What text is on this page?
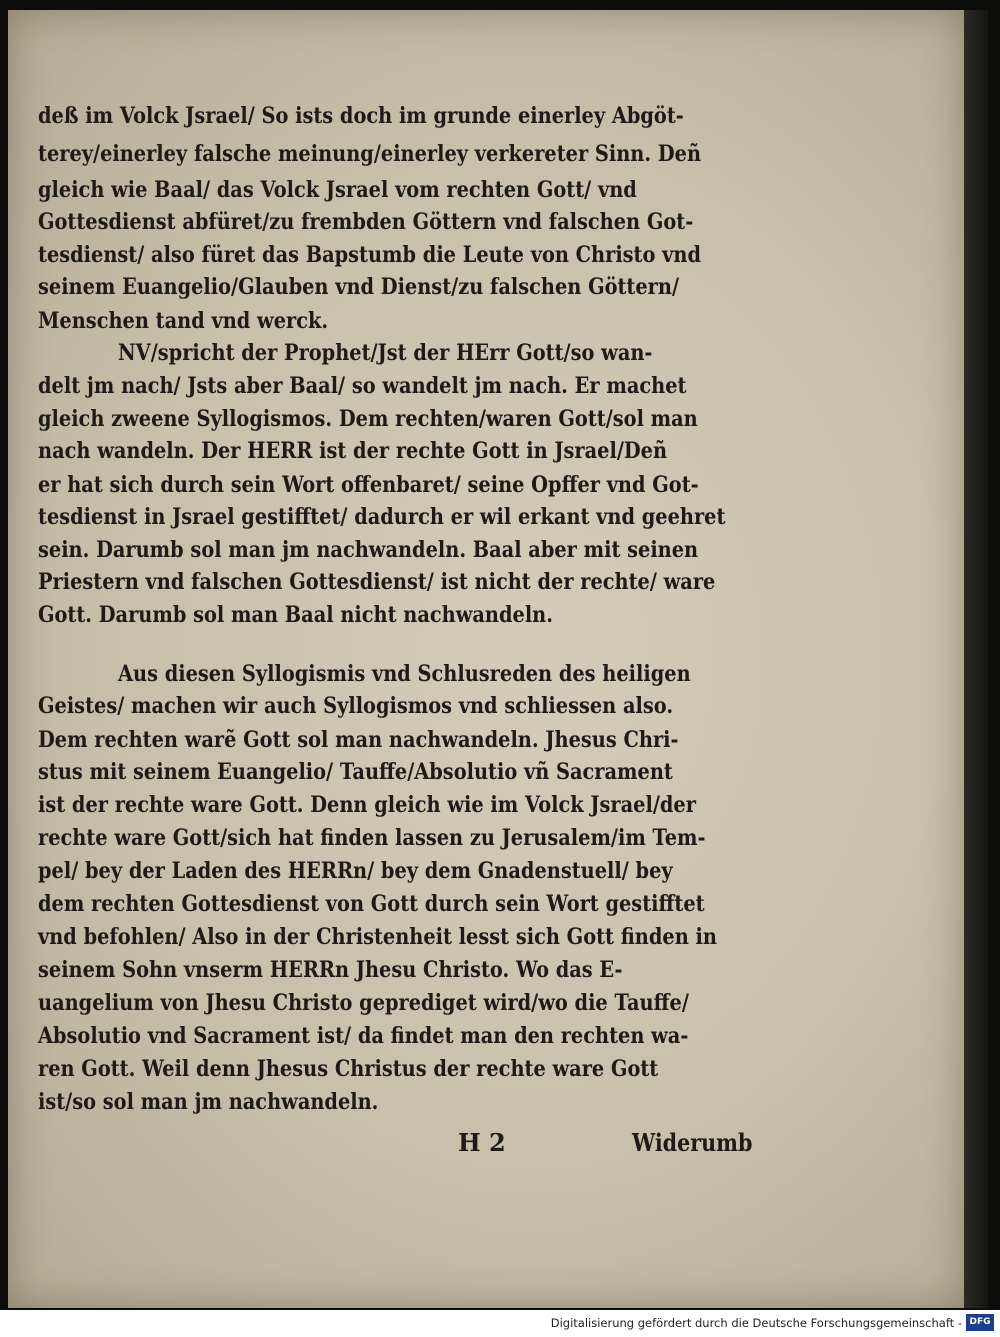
deß im Volck Jsrael/ So ists doch im grunde einerley Abgöt-
terey/einerley falsche meinung/einerley verkereter Sinn. Deñ
gleich wie Baal/ das Volck Jsrael vom rechten Gott/ vnd
Gottesdienst abfüret/zu frembden Göttern vnd falschen Got-
tesdienst/ also füret das Bapstumb die Leute von Christo vnd
seinem Euangelio/Glauben vnd Dienst/zu falschen Göttern/
Menschen tand vnd werck.
NV/spricht der Prophet/Jst der HErr Gott/so wan-
delt jm nach/ Jsts aber Baal/ so wandelt jm nach. Er machet
gleich zweene Syllogismos. Dem rechten/waren Gott/sol man
nach wandeln. Der HERR ist der rechte Gott in Jsrael/Deñ
er hat sich durch sein Wort offenbaret/ seine Opffer vnd Got-
tesdienst in Jsrael gestifftet/ dadurch er wil erkant vnd geehret
sein. Darumb sol man jm nachwandeln. Baal aber mit seinen
Priestern vnd falschen Gottesdienst/ ist nicht der rechte/ ware
Gott. Darumb sol man Baal nicht nachwandeln.
Aus diesen Syllogismis vnd Schlusreden des heiligen
Geistes/ machen wir auch Syllogismos vnd schliessen also.
Dem rechten warẽ Gott sol man nachwandeln. Jhesus Chri-
stus mit seinem Euangelio/ Tauffe/Absolutio vñ Sacrament
ist der rechte ware Gott. Denn gleich wie im Volck Jsrael/der
rechte ware Gott/sich hat finden lassen zu Jerusalem/im Tem-
pel/ bey der Laden des HERRn/ bey dem Gnadenstuell/ bey
dem rechten Gottesdienst von Gott durch sein Wort gestifftet
vnd befohlen/ Also in der Christenheit lesst sich Gott finden in
seinem Sohn vnserm HERRn Jhesu Christo. Wo das E-
uangelium von Jhesu Christo geprediget wird/wo die Tauffe/
Absolutio vnd Sacrament ist/ da findet man den rechten wa-
ren Gott. Weil denn Jhesus Christus der rechte ware Gott
ist/so sol man jm nachwandeln.
H 2	Widerumb
Digitalisierung gefördert durch die Deutsche Forschungsgemeinschaft - DFG
